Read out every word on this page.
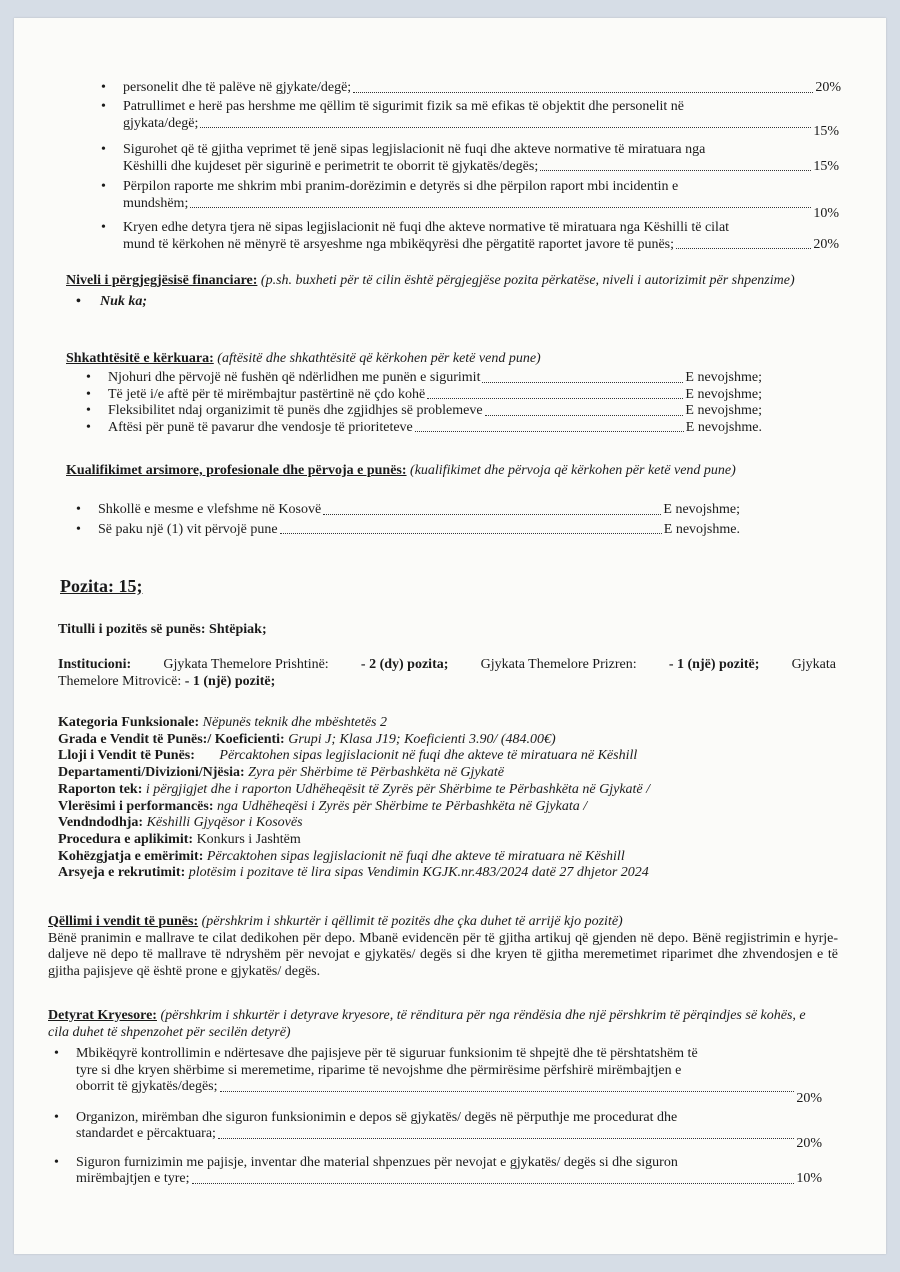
• personelit dhe të palëve në gjykate/degë;	20%
• Patrullimet e herë pas hershme me qëllim të sigurimit fizik sa më efikas të objektit dhe personelit në
gjykata/degë;
15%
• Sigurohet që të gjitha veprimet të jenë sipas legjislacionit në fuqi dhe akteve normative të miratuara nga
Këshilli dhe kujdeset për sigurinë e perimetrit te oborrit të gjykatës/degës;	15%
• Përpilon raporte me shkrim mbi pranim-dorëzimin e detyrës si dhe përpilon raport mbi incidentin e
mundshëm;
10%
• Kryen edhe detyra tjera në sipas legjislacionit në fuqi dhe akteve normative të miratuara nga Këshilli të cilat
mund të kërkohen në mënyrë të arsyeshme nga mbikëqyrësi dhe përgatitë raportet javore të punës;	20%
Niveli i përgjegjësisë financiare: (p.sh. buxheti për të cilin është përgjegjëse pozita përkatëse, niveli i autorizimit për shpenzime)
• Nuk ka;
Shkathtësitë e kërkuara: (aftësitë dhe shkathtësitë që kërkohen për ketë vend pune)
• Njohuri dhe përvojë në fushën që ndërlidhen me punën e sigurimit	E nevojshme;
• Të jetë i/e aftë për të mirëmbajtur pastërtinë në çdo kohë	E nevojshme;
• Fleksibilitet ndaj organizimit të punës dhe zgjidhjes së problemeve	E nevojshme;
• Aftësi për punë të pavarur dhe vendosje të prioriteteve	E nevojshme.
Kualifikimet arsimore, profesionale dhe përvoja e punës: (kualifikimet dhe përvoja që kërkohen për ketë vend pune)
• Shkollë e mesme e vlefshme në Kosovë	E nevojshme;
• Së paku një (1) vit përvojë pune	E nevojshme.
Pozita: 15;
Titulli i pozitës së punës: Shtëpiak;
Institucioni: Gjykata Themelore Prishtinë: - 2 (dy) pozita; Gjykata Themelore Prizren: - 1 (një) pozitë; Gjykata
Themelore Mitrovicë: - 1 (një) pozitë;
Kategoria Funksionale: Nëpunës teknik dhe mbështetës 2
Grada e Vendit të Punës:/ Koeficienti: Grupi J; Klasa J19; Koeficienti 3.90/ (484.00€)
Lloji i Vendit të Punës: Përcaktohen sipas legjislacionit në fuqi dhe akteve të miratuara në Këshill
Departamenti/Divizioni/Njësia: Zyra për Shërbime të Përbashkëta në Gjykatë
Raporton tek: i përgjigjet dhe i raporton Udhëheqësit të Zyrës për Shërbime te Përbashkëta në Gjykatë /
Vlerësimi i performancës: nga Udhëheqësi i Zyrës për Shërbime te Përbashkëta në Gjykata /
Vendndodhja: Këshilli Gjyqësor i Kosovës
Procedura e aplikimit: Konkurs i Jashtëm
Kohëzgjatja e emërimit: Përcaktohen sipas legjislacionit në fuqi dhe akteve të miratuara në Këshill
Arsyeja e rekrutimit: plotësim i pozitave të lira sipas Vendimin KGJK.nr.483/2024 datë 27 dhjetor 2024
Qëllimi i vendit të punës: (përshkrim i shkurtër i qëllimit të pozitës dhe çka duhet të arrijë kjo pozitë)
Bënë pranimin e mallrave te cilat dedikohen për depo. Mbanë evidencën për të gjitha artikuj që gjenden në depo. Bënë regjistrimin e hyrje-daljeve në depo të mallrave të ndryshëm për nevojat e gjykatës/ degës si dhe kryen të gjitha meremetimet riparimet dhe zhvendosjen e të gjitha pajisjeve që është prone e gjykatës/ degës.
Detyrat Kryesore: (përshkrim i shkurtër i detyrave kryesore, të rënditura për nga rëndësia dhe një përshkrim të përqindjes së kohës, e cila duhet të shpenzohet për secilën detyrë)
• Mbikëqyrë kontrollimin e ndërtesave dhe pajisjeve për të siguruar funksionim të shpejtë dhe të përshtatshëm të
tyre si dhe kryen shërbime si meremetime, riparime të nevojshme dhe përmirësime përfshirë mirëmbajtjen e
oborrit të gjykatës/degës;
20%
• Organizon, mirëmban dhe siguron funksionimin e depos së gjykatës/ degës në përputhje me procedurat dhe
standardet e përcaktuara;
20%
• Siguron furnizimin me pajisje, inventar dhe material shpenzues për nevojat e gjykatës/ degës si dhe siguron
mirëmbajtjen e tyre;	10%
